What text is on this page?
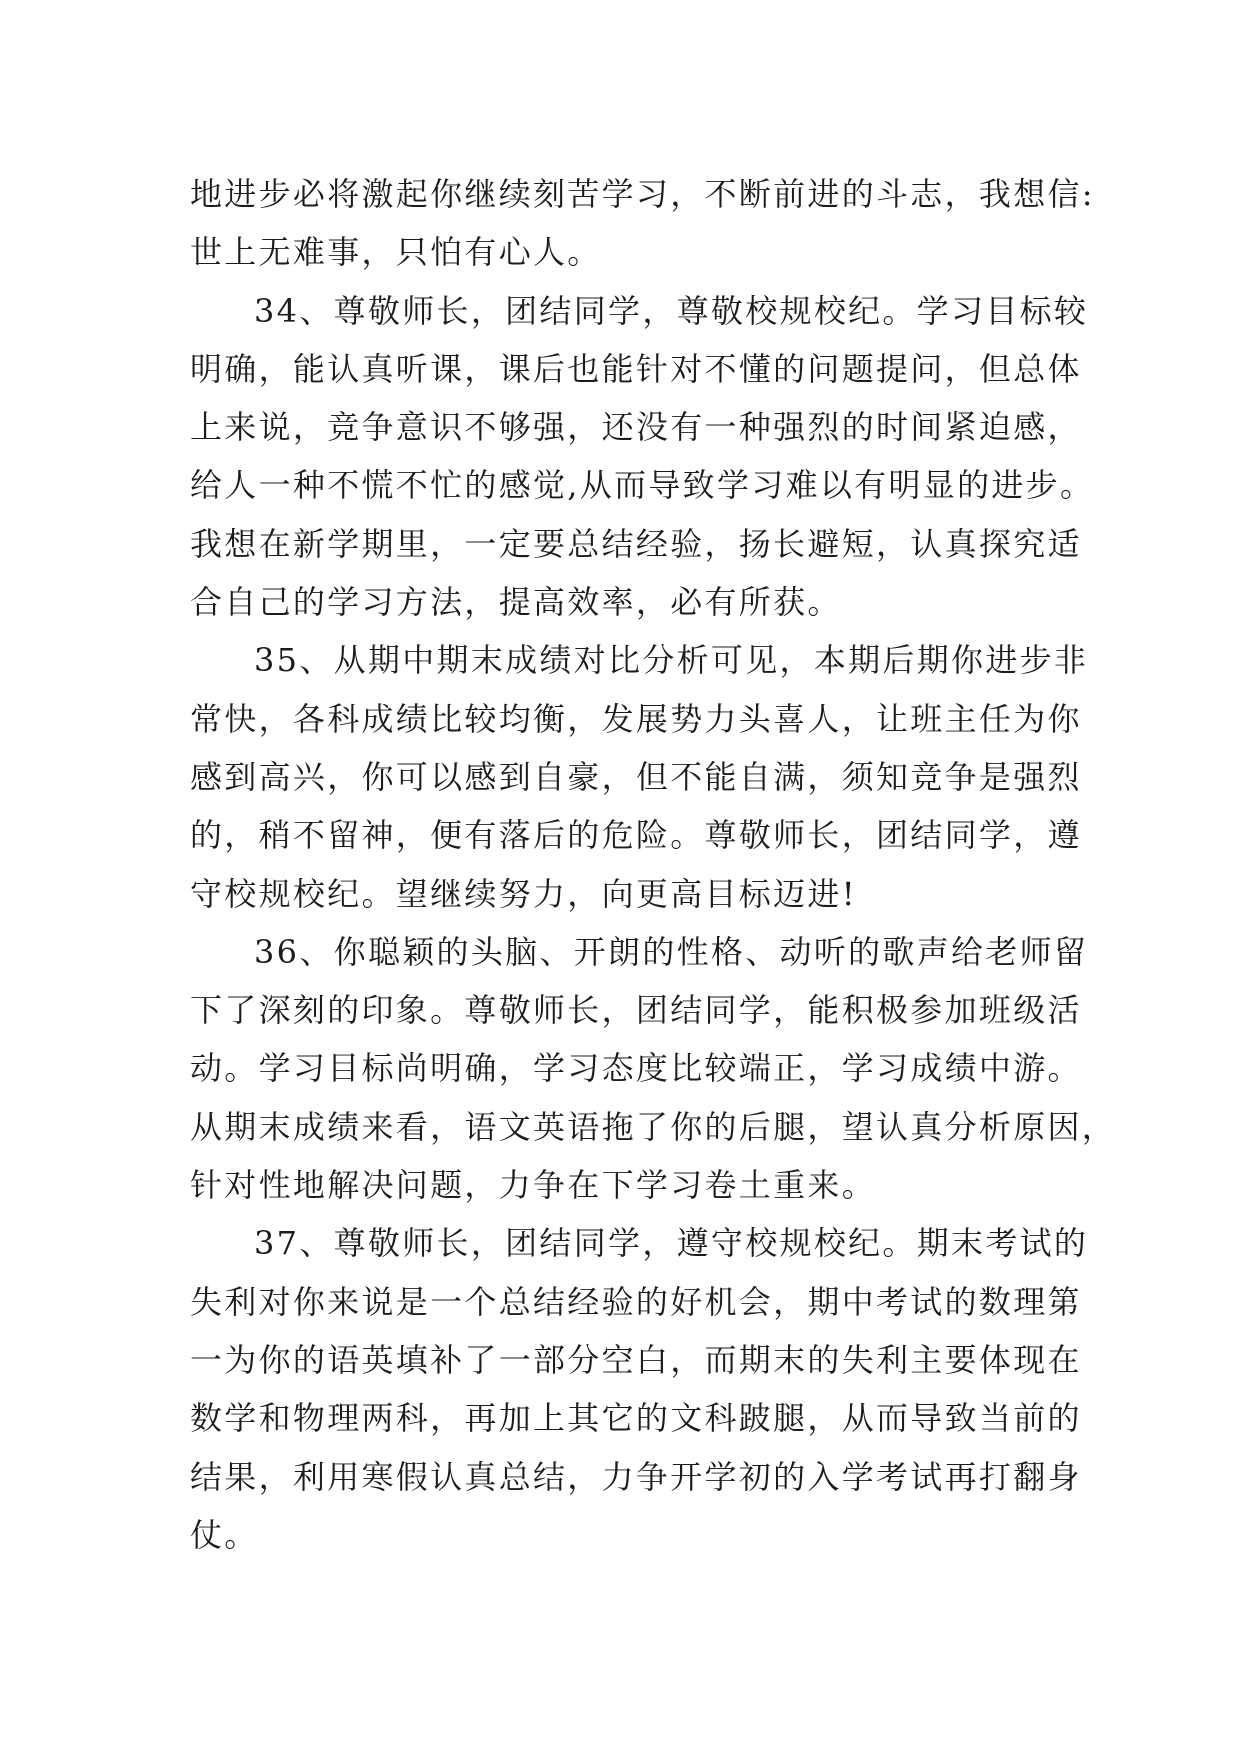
地进步必将激起你继续刻苦学习，不断前进的斗志，我想信:
世上无难事，只怕有心人。
34、尊敬师长，团结同学，尊敬校规校纪。学习目标较
明确，能认真听课，课后也能针对不懂的问题提问，但总体
上来说，竞争意识不够强，还没有一种强烈的时间紧迫感，
给人一种不慌不忙的感觉,从而导致学习难以有明显的进步。
我想在新学期里，一定要总结经验，扬长避短，认真探究适
合自己的学习方法，提高效率，必有所获。
35、从期中期末成绩对比分析可见，本期后期你进步非
常快，各科成绩比较均衡，发展势力头喜人，让班主任为你
感到高兴，你可以感到自豪，但不能自满，须知竞争是强烈
的，稍不留神，便有落后的危险。尊敬师长，团结同学，遵
守校规校纪。望继续努力，向更高目标迈进!
36、你聪颖的头脑、开朗的性格、动听的歌声给老师留
下了深刻的印象。尊敬师长，团结同学，能积极参加班级活
动。学习目标尚明确，学习态度比较端正，学习成绩中游。
从期末成绩来看，语文英语拖了你的后腿，望认真分析原因，
针对性地解决问题，力争在下学习卷土重来。
37、尊敬师长，团结同学，遵守校规校纪。期末考试的
失利对你来说是一个总结经验的好机会，期中考试的数理第
一为你的语英填补了一部分空白，而期末的失利主要体现在
数学和物理两科，再加上其它的文科跛腿，从而导致当前的
结果，利用寒假认真总结，力争开学初的入学考试再打翻身
仗。
